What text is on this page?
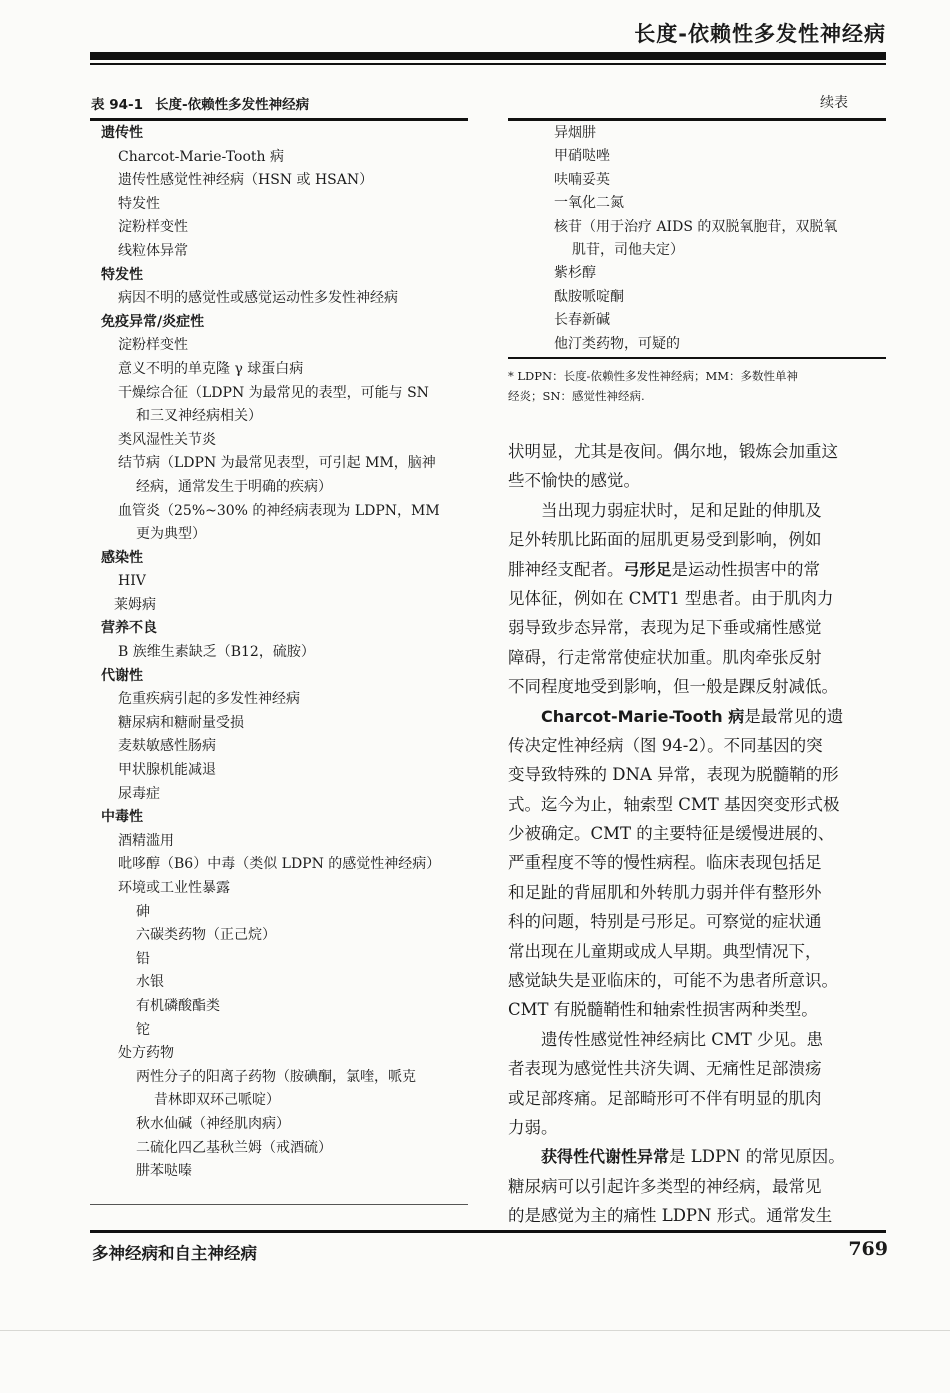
长度-依赖性多发性神经病
表 94-1 长度-依赖性多发性神经病
遗传性
Charcot-Marie-Tooth 病
遗传性感觉性神经病（HSN 或 HSAN）
特发性
淀粉样变性
线粒体异常
特发性
病因不明的感觉性或感觉运动性多发性神经病
免疫异常/炎症性
淀粉样变性
意义不明的单克隆 γ 球蛋白病
干燥综合征（LDPN 为最常见的表型，可能与 SN
和三叉神经病相关）
类风湿性关节炎
结节病（LDPN 为最常见表型，可引起 MM，脑神
经病，通常发生于明确的疾病）
血管炎（25%~30% 的神经病表现为 LDPN，MM
更为典型）
感染性
HIV
莱姆病
营养不良
B 族维生素缺乏（B12，硫胺）
代谢性
危重疾病引起的多发性神经病
糖尿病和糖耐量受损
麦麸敏感性肠病
甲状腺机能减退
尿毒症
中毒性
酒精滥用
吡哆醇（B6）中毒（类似 LDPN 的感觉性神经病）
环境或工业性暴露
砷
六碳类药物（正己烷）
铅
水银
有机磷酸酯类
铊
处方药物
两性分子的阳离子药物（胺碘酮，氯喹，哌克
昔林即双环己哌啶）
秋水仙碱（神经肌肉病）
二硫化四乙基秋兰姆（戒酒硫）
肼苯哒嗪
续表
异烟肼
甲硝哒唑
呋喃妥英
一氧化二氮
核苷（用于治疗 AIDS 的双脱氧胞苷，双脱氧
肌苷，司他夫定）
紫杉醇
酞胺哌啶酮
长春新碱
他汀类药物，可疑的
* LDPN：长度-依赖性多发性神经病；MM：多数性单神
经炎；SN：感觉性神经病.
状明显，尤其是夜间。偶尔地，锻炼会加重这
些不愉快的感觉。
当出现力弱症状时，足和足趾的伸肌及
足外转肌比跖面的屈肌更易受到影响，例如
腓神经支配者。弓形足是运动性损害中的常
见体征，例如在 CMT1 型患者。由于肌肉力
弱导致步态异常，表现为足下垂或痛性感觉
障碍，行走常常使症状加重。肌肉牵张反射
不同程度地受到影响，但一般是踝反射减低。
Charcot-Marie-Tooth 病是最常见的遗
传决定性神经病（图 94-2）。不同基因的突
变导致特殊的 DNA 异常，表现为脱髓鞘的形
式。迄今为止，轴索型 CMT 基因突变形式极
少被确定。CMT 的主要特征是缓慢进展的、
严重程度不等的慢性病程。临床表现包括足
和足趾的背屈肌和外转肌力弱并伴有整形外
科的问题，特别是弓形足。可察觉的症状通
常出现在儿童期或成人早期。典型情况下，
感觉缺失是亚临床的，可能不为患者所意识。
CMT 有脱髓鞘性和轴索性损害两种类型。
遗传性感觉性神经病比 CMT 少见。患
者表现为感觉性共济失调、无痛性足部溃疡
或足部疼痛。足部畸形可不伴有明显的肌肉
力弱。
获得性代谢性异常是 LDPN 的常见原因。
糖尿病可以引起许多类型的神经病，最常见
的是感觉为主的痛性 LDPN 形式。通常发生
多神经病和自主神经病	769
